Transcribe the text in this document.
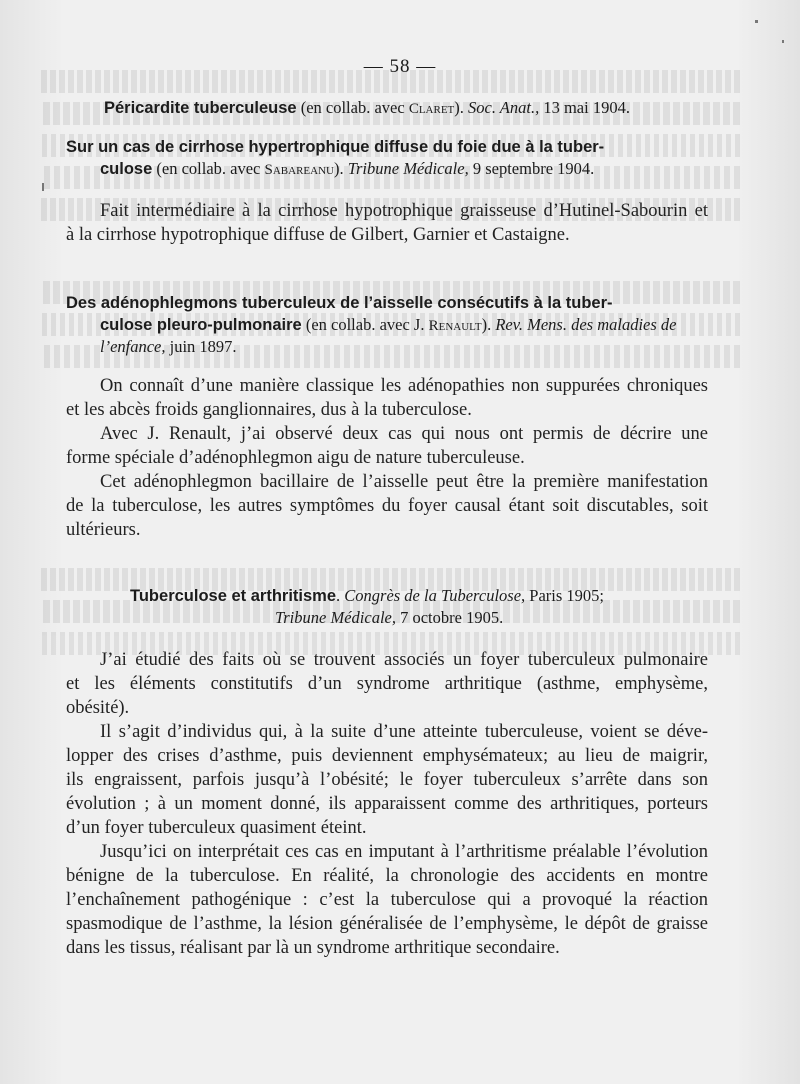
— 58 —
Péricardite tuberculeuse (en collab. avec Claret). Soc. Anat., 13 mai 1904.
Sur un cas de cirrhose hypertrophique diffuse du foie due à la tuber-
culose (en collab. avec Sabareanu). Tribune Médicale, 9 septembre 1904.
Fait intermédiaire à la cirrhose hypotrophique graisseuse d’Hutinel-Sabourin et
à la cirrhose hypotrophique diffuse de Gilbert, Garnier et Castaigne.
Des adénophlegmons tuberculeux de l’aisselle consécutifs à la tuber-
culose pleuro-pulmonaire (en collab. avec J. Renault). Rev. Mens. des maladies de
l’enfance, juin 1897.
On connaît d’une manière classique les adénopathies non suppurées chroniques
et les abcès froids ganglionnaires, dus à la tuberculose.
Avec J. Renault, j’ai observé deux cas qui nous ont permis de décrire une
forme spéciale d’adénophlegmon aigu de nature tuberculeuse.
Cet adénophlegmon bacillaire de l’aisselle peut être la première manifestation
de la tuberculose, les autres symptômes du foyer causal étant soit discutables, soit
ultérieurs.
Tuberculose et arthritisme. Congrès de la Tuberculose, Paris 1905;
Tribune Médicale, 7 octobre 1905.
J’ai étudié des faits où se trouvent associés un foyer tuberculeux pulmonaire
et les éléments constitutifs d’un syndrome arthritique (asthme, emphysème,
obésité).
Il s’agit d’individus qui, à la suite d’une atteinte tuberculeuse, voient se déve-
lopper des crises d’asthme, puis deviennent emphysémateux; au lieu de maigrir,
ils engraissent, parfois jusqu’à l’obésité; le foyer tuberculeux s’arrête dans son
évolution ; à un moment donné, ils apparaissent comme des arthritiques, porteurs
d’un foyer tuberculeux quasiment éteint.
Jusqu’ici on interprétait ces cas en imputant à l’arthritisme préalable l’évolution
bénigne de la tuberculose. En réalité, la chronologie des accidents en montre
l’enchaînement pathogénique : c’est la tuberculose qui a provoqué la réaction
spasmodique de l’asthme, la lésion généralisée de l’emphysème, le dépôt de graisse
dans les tissus, réalisant par là un syndrome arthritique secondaire.
